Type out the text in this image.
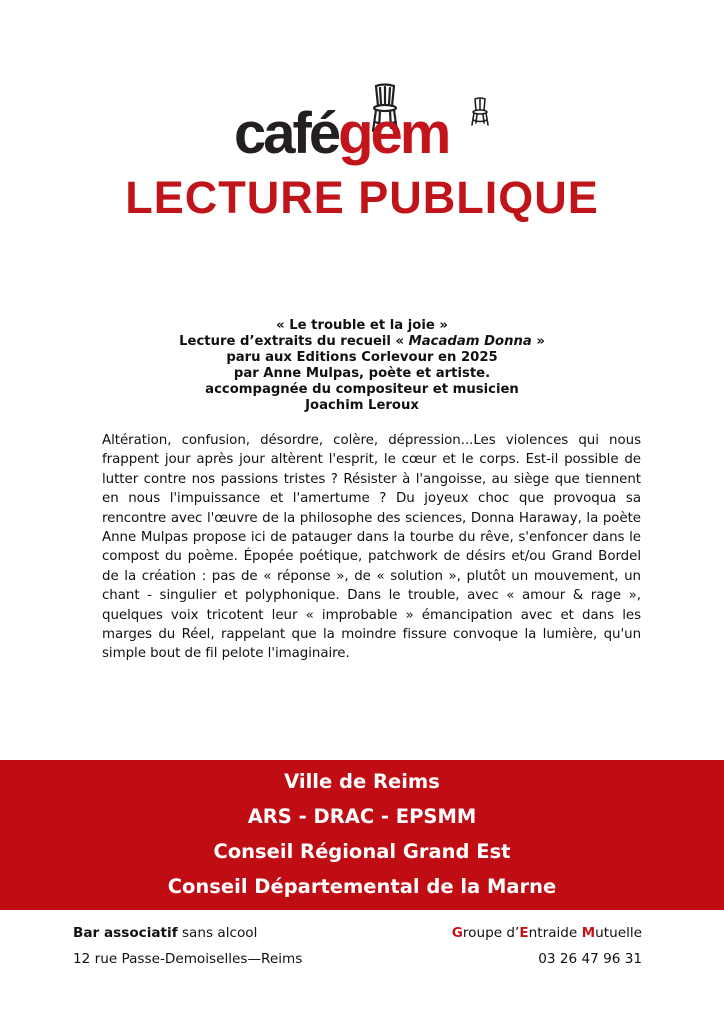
cafégem
LECTURE PUBLIQUE
« Le trouble et la joie »
Lecture d’extraits du recueil « Macadam Donna »
paru aux Editions Corlevour en 2025
par Anne Mulpas, poète et artiste.
accompagnée du compositeur et musicien
Joachim Leroux

Altération, confusion, désordre, colère, dépression...Les violences qui nous frappent jour après jour altèrent l'esprit, le cœur et le corps. Est-il possible de lutter contre nos passions tristes ? Résister à l'angoisse, au siège que tiennent en nous l'impuissance et l'amertume ? Du joyeux choc que provoqua sa rencontre avec l'œuvre de la philosophe des sciences, Donna Haraway, la poète Anne Mulpas propose ici de patauger dans la tourbe du rêve, s'enfoncer dans le compost du poème. Épopée poétique, patchwork de désirs et/ou Grand Bordel de la création : pas de « réponse », de « solution », plutôt un mouvement, un chant - singulier et polyphonique. Dans le trouble, avec « amour & rage », quelques voix tricotent leur « improbable » émancipation avec et dans les marges du Réel, rappelant que la moindre fissure convoque la lumière, qu'un simple bout de fil pelote l'imaginaire.

Ville de Reims
ARS - DRAC - EPSMM
Conseil Régional Grand Est
Conseil Départemental de la Marne
Bar associatif sans alcool
12 rue Passe-Demoiselles—Reims
Groupe d’Entraide Mutuelle
03 26 47 96 31
